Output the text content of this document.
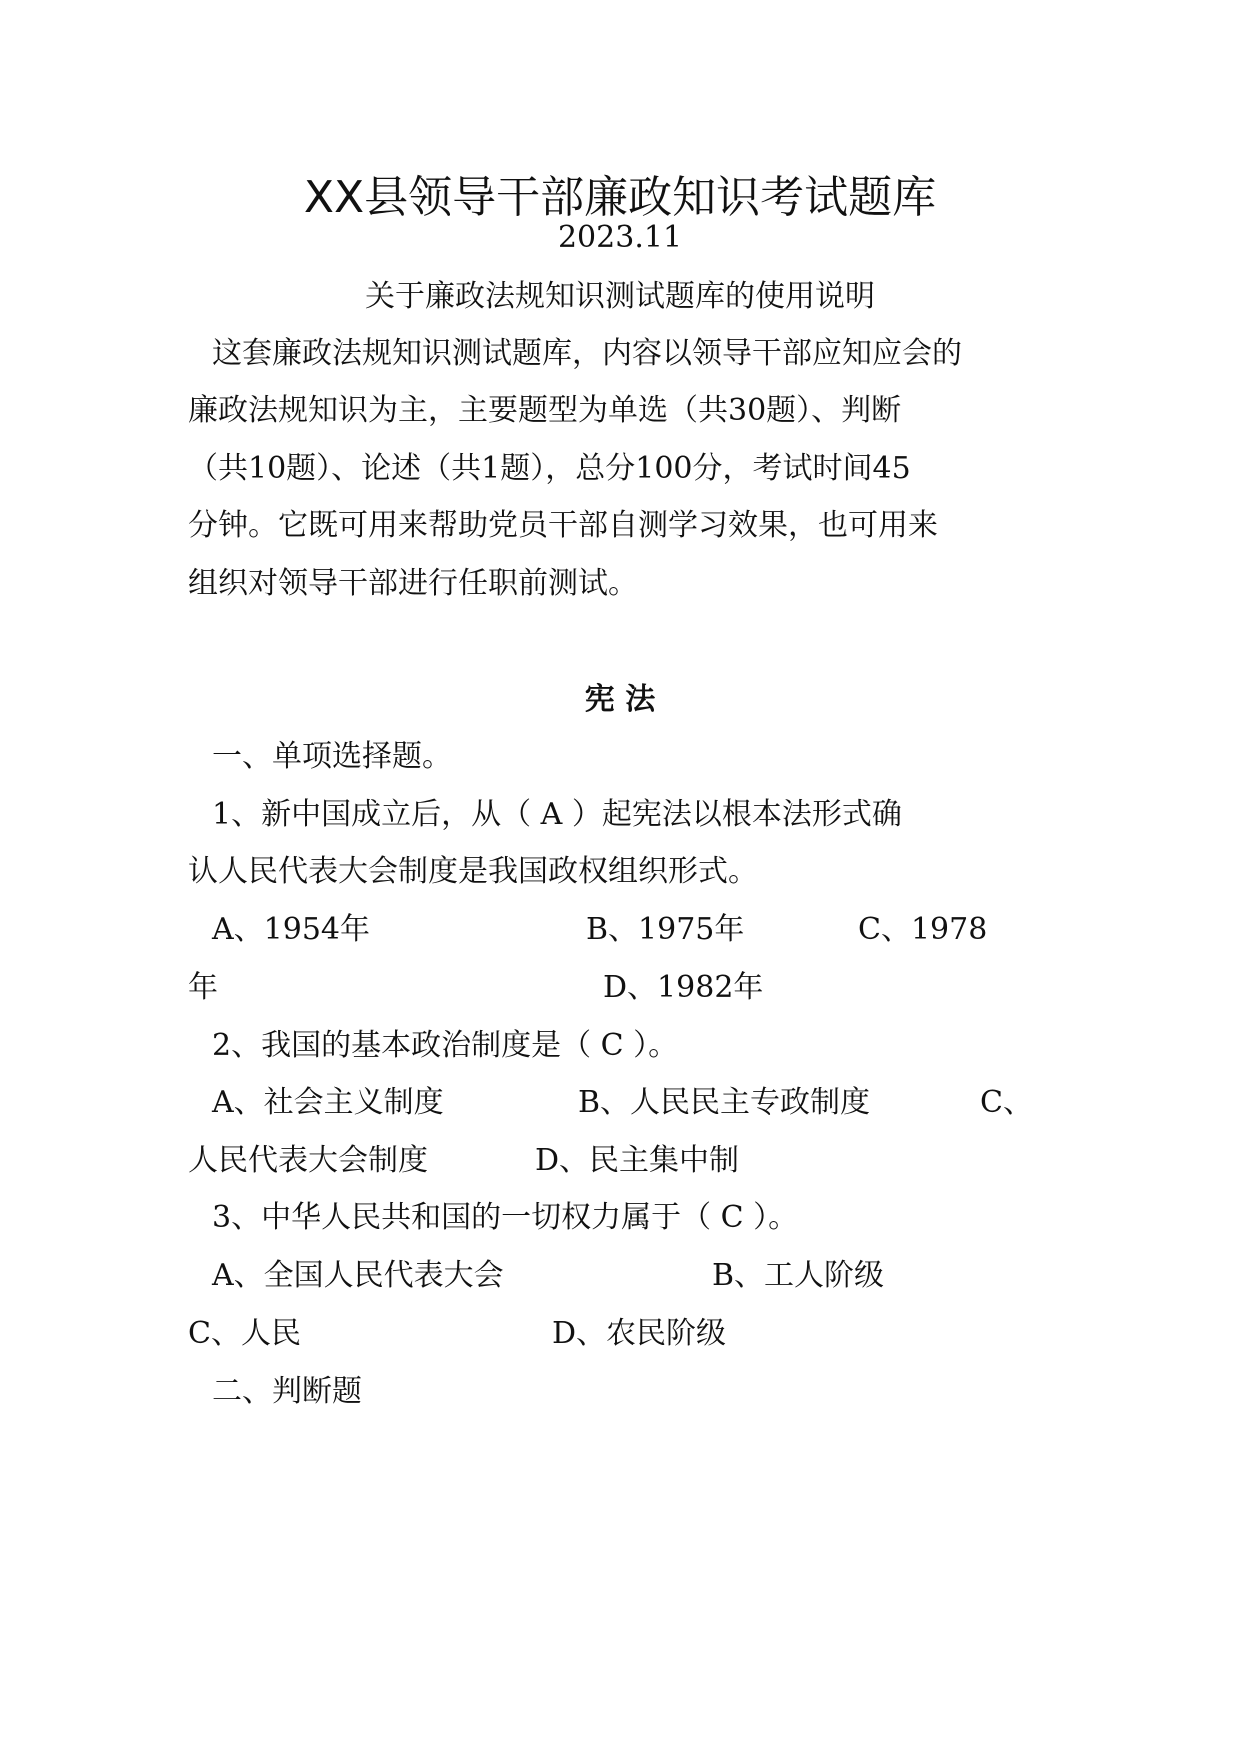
XX县领导干部廉政知识考试题库
2023.11
关于廉政法规知识测试题库的使用说明
这套廉政法规知识测试题库，内容以领导干部应知应会的
廉政法规知识为主，主要题型为单选（共30题）、判断
（共10题）、论述（共1题），总分100分，考试时间45
分钟。它既可用来帮助党员干部自测学习效果，也可用来
组织对领导干部进行任职前测试。
宪 法
一、单项选择题。
1、新中国成立后，从（ A ）起宪法以根本法形式确
认人民代表大会制度是我国政权组织形式。
A、1954年	B、1975年	C、1978
年	D、1982年
2、我国的基本政治制度是（ C ）。
A、社会主义制度	B、人民民主专政制度	C、
人民代表大会制度	D、民主集中制
3、中华人民共和国的一切权力属于（ C ）。
A、全国人民代表大会	B、工人阶级
C、人民	D、农民阶级
二、判断题
